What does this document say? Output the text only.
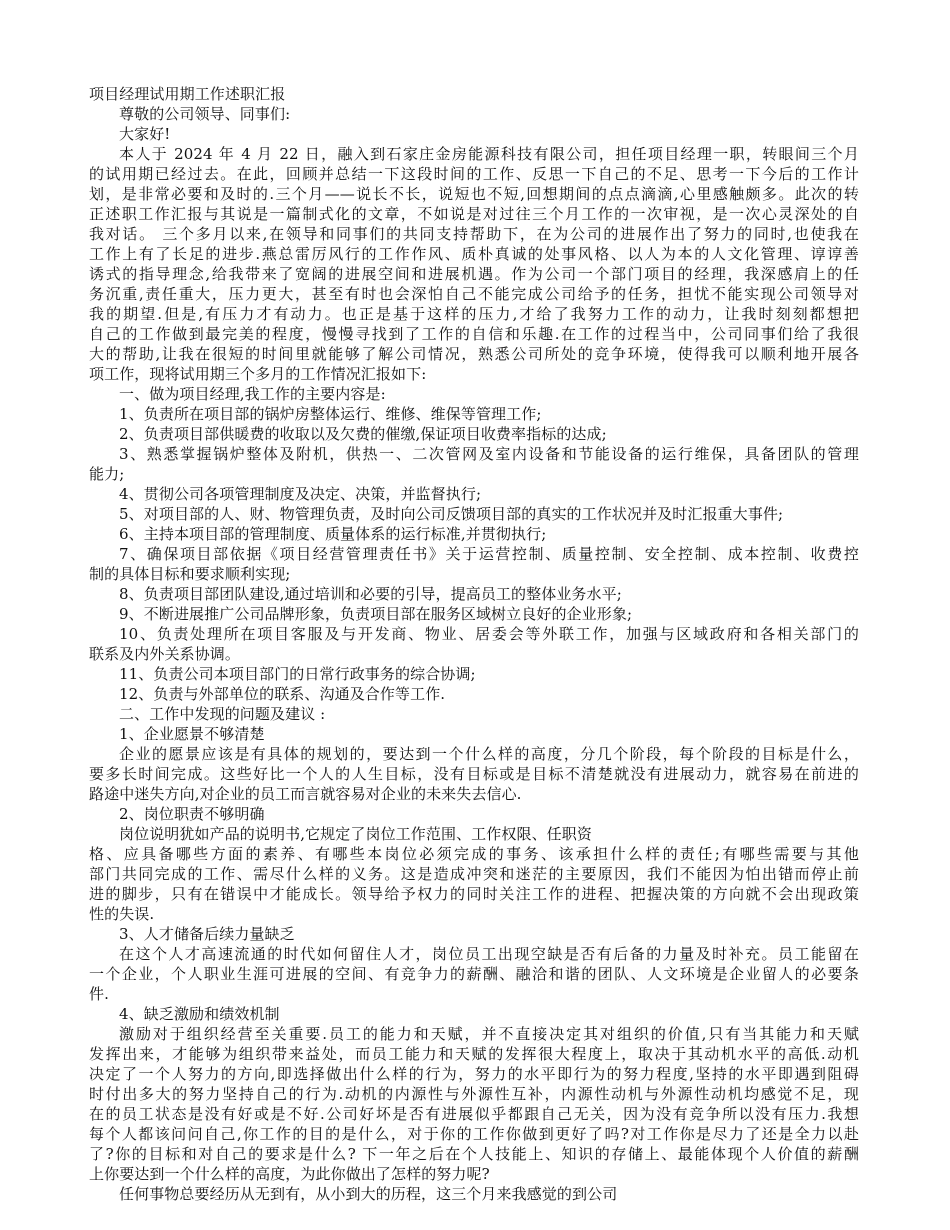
项目经理试用期工作述职汇报

尊敬的公司领导、同事们:

大家好!

本人于 2024 年 4 月 22 日，融入到石家庄金房能源科技有限公司，担任项目经理一职，转眼间三个月

的试用期已经过去。在此，回顾并总结一下这段时间的工作、反思一下自己的不足、思考一下今后的工作计

划，是非常必要和及时的.三个月——说长不长，说短也不短,回想期间的点点滴滴,心里感触颇多。此次的转

正述职工作汇报与其说是一篇制式化的文章，不如说是对过往三个月工作的一次审视，是一次心灵深处的自

我对话。 三个多月以来,在领导和同事们的共同支持帮助下，在为公司的进展作出了努力的同时,也使我在

工作上有了长足的进步.燕总雷厉风行的工作作风、质朴真诚的处事风格、以人为本的人文化管理、谆谆善

诱式的指导理念,给我带来了宽阔的进展空间和进展机遇。作为公司一个部门项目的经理，我深感肩上的任

务沉重,责任重大，压力更大，甚至有时也会深怕自己不能完成公司给予的任务，担忧不能实现公司领导对

我的期望.但是,有压力才有动力。也正是基于这样的压力,才给了我努力工作的动力，让我时刻刻都想把

自己的工作做到最完美的程度，慢慢寻找到了工作的自信和乐趣.在工作的过程当中，公司同事们给了我很

大的帮助,让我在很短的时间里就能够了解公司情况，熟悉公司所处的竞争环境，使得我可以顺利地开展各

项工作，现将试用期三个多月的工作情况汇报如下:

一、做为项目经理,我工作的主要内容是:

1、负责所在项目部的锅炉房整体运行、维修、维保等管理工作;

2、负责项目部供暖费的收取以及欠费的催缴,保证项目收费率指标的达成;

3、熟悉掌握锅炉整体及附机，供热一、二次管网及室内设备和节能设备的运行维保，具备团队的管理

能力;

4、贯彻公司各项管理制度及决定、决策，并监督执行;

5、对项目部的人、财、物管理负责，及时向公司反馈项目部的真实的工作状况并及时汇报重大事件;

6、主持本项目部的管理制度、质量体系的运行标准,并贯彻执行;

7、确保项目部依据《项目经营管理责任书》关于运营控制、质量控制、安全控制、成本控制、收费控

制的具体目标和要求顺利实现;

8、负责项目部团队建设,通过培训和必要的引导，提高员工的整体业务水平;

9、不断进展推广公司品牌形象，负责项目部在服务区域树立良好的企业形象;

10、负责处理所在项目客服及与开发商、物业、居委会等外联工作，加强与区域政府和各相关部门的

联系及内外关系协调。

11、负责公司本项目部门的日常行政事务的综合协调;

12、负责与外部单位的联系、沟通及合作等工作.

二、工作中发现的问题及建议 :

1、企业愿景不够清楚

企业的愿景应该是有具体的规划的，要达到一个什么样的高度，分几个阶段，每个阶段的目标是什么，

要多长时间完成。这些好比一个人的人生目标，没有目标或是目标不清楚就没有进展动力，就容易在前进的

路途中迷失方向,对企业的员工而言就容易对企业的未来失去信心.

2、岗位职责不够明确

岗位说明犹如产品的说明书,它规定了岗位工作范围、工作权限、任职资

格、应具备哪些方面的素养、有哪些本岗位必须完成的事务、该承担什么样的责任;有哪些需要与其他

部门共同完成的工作、需尽什么样的义务。这是造成冲突和迷茫的主要原因，我们不能因为怕出错而停止前

进的脚步，只有在错误中才能成长。领导给予权力的同时关注工作的进程、把握决策的方向就不会出现政策

性的失误.

3、人才储备后续力量缺乏

在这个人才高速流通的时代如何留住人才，岗位员工出现空缺是否有后备的力量及时补充。员工能留在

一个企业，个人职业生涯可进展的空间、有竞争力的薪酬、融洽和谐的团队、人文环境是企业留人的必要条

件.

4、缺乏激励和绩效机制

激励对于组织经营至关重要.员工的能力和天赋，并不直接决定其对组织的价值,只有当其能力和天赋

发挥出来，才能够为组织带来益处，而员工能力和天赋的发挥很大程度上，取决于其动机水平的高低.动机

决定了一个人努力的方向,即选择做出什么样的行为，努力的水平即行为的努力程度,坚持的水平即遇到阻碍

时付出多大的努力坚持自己的行为.动机的内源性与外源性互补，内源性动机与外源性动机均感觉不足，现

在的员工状态是没有好或是不好.公司好坏是否有进展似乎都跟自己无关，因为没有竞争所以没有压力.我想

每个人都该问问自己,你工作的目的是什么，对于你的工作你做到更好了吗?对工作你是尽力了还是全力以赴

了?你的目标和对自己的要求是什么? 下一年之后在个人技能上、知识的存储上、最能体现个人价值的薪酬

上你要达到一个什么样的高度，为此你做出了怎样的努力呢?

任何事物总要经历从无到有，从小到大的历程，这三个月来我感觉的到公司
